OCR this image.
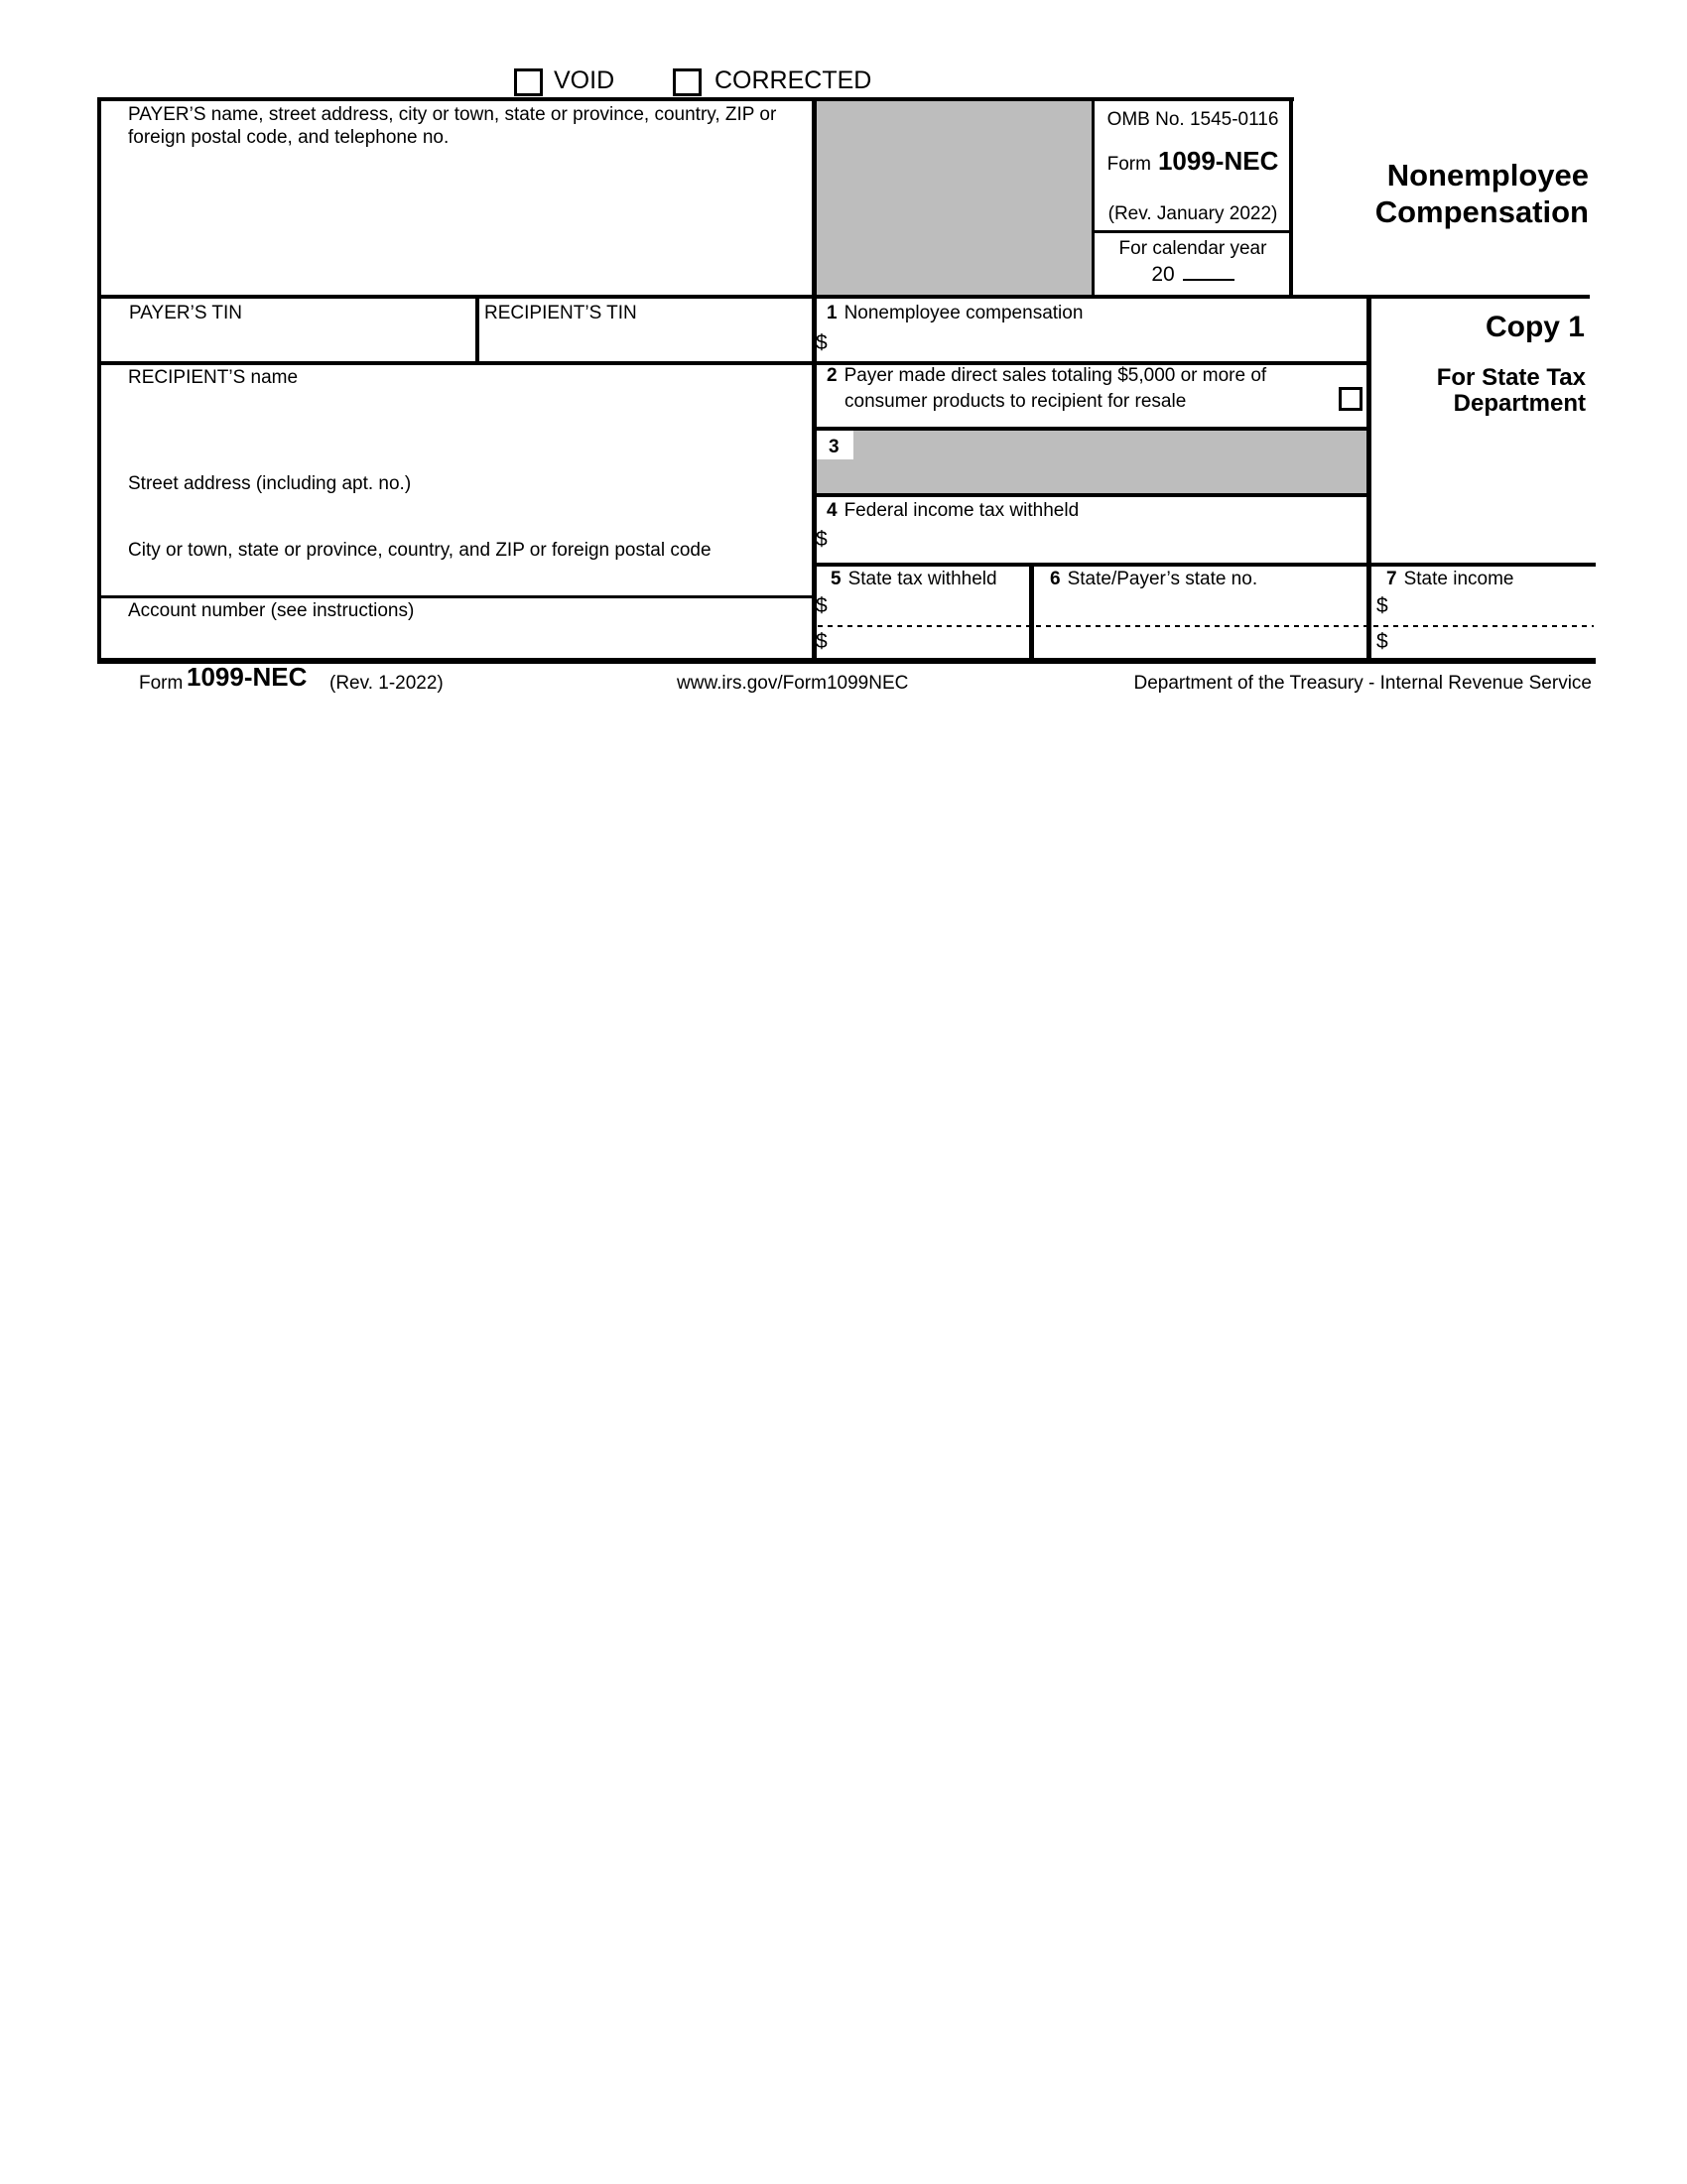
VOID	CORRECTED
PAYER’S name, street address, city or town, state or province, country, ZIP or foreign postal code, and telephone no.
PAYER’S TIN	RECIPIENT’S TIN
RECIPIENT’S name
Street address (including apt. no.)
City or town, state or province, country, and ZIP or foreign postal code
Account number (see instructions)
1 Nonemployee compensation
$
2 Payer made direct sales totaling $5,000 or more of
consumer products to recipient for resale
3
4 Federal income tax withheld
$
5 State tax withheld
$
$
6 State/Payer’s state no.	7 State income
$
$
OMB No. 1545-0116
Form 1099-NEC
(Rev. January 2022)
For calendar year
20
Nonemployee
Compensation
Copy 1
For State Tax
Department
Form 1099-NEC (Rev. 1-2022)	www.irs.gov/Form1099NEC	Department of the Treasury - Internal Revenue Service
